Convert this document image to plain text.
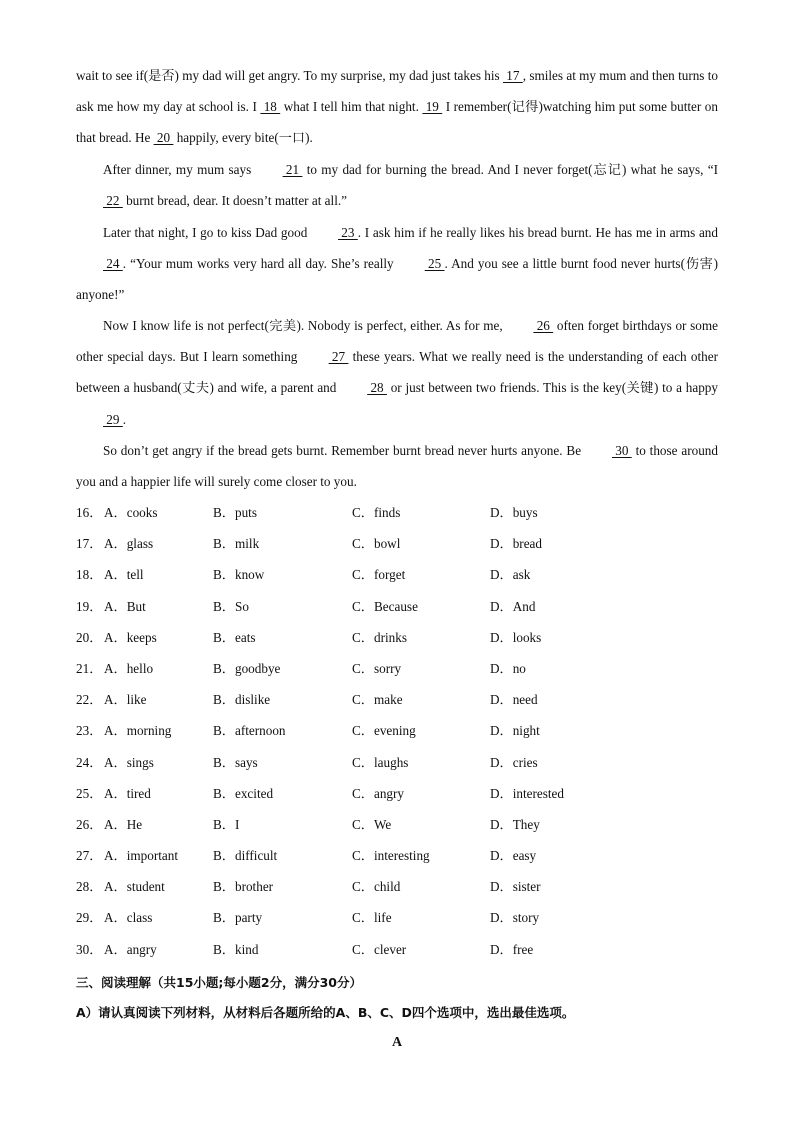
wait to see if(是否) my dad will get angry. To my surprise, my dad just takes his  17 , smiles at my mum and then turns to ask me how my day at school is. I  18  what I tell him that night.  19  I remember(记得)watching him put some butter on that bread. He  20  happily, every bite(一口).

After dinner, my mum says  21  to my dad for burning the bread. And I never forget(忘记) what he says, “I  22  burnt bread, dear. It doesn’t matter at all.”

Later that night, I go to kiss Dad good  23 . I ask him if he really likes his bread burnt. He has me in arms and  24 . “Your mum works very hard all day. She’s really  25 . And you see a little burnt food never hurts(伤害) anyone!”

Now I know life is not perfect(完美). Nobody is perfect, either. As for me,  26  often forget birthdays or some other special days. But I learn something  27  these years. What we really need is the understanding of each other between a husband(丈夫) and wife, a parent and  28  or just between two friends. This is the key(关键) to a happy  29 .

So don’t get angry if the bread gets burnt. Remember burnt bread never hurts anyone. Be  30  to those around you and a happier life will surely come closer to you.

16． A．cooks	B．puts	C．finds	D．buys
17． A．glass	B．milk	C．bowl	D．bread
18． A．tell	B．know	C．forget	D．ask
19． A．But	B．So	C．Because	D．And
20． A．keeps	B．eats	C．drinks	D．looks
21． A．hello	B．goodbye	C．sorry	D．no
22． A．like	B．dislike	C．make	D．need
23． A．morning	B．afternoon	C．evening	D．night
24． A．sings	B．says	C．laughs	D．cries
25． A．tired	B．excited	C．angry	D．interested
26． A．He	B．I	C．We	D．They
27． A．important	B．difficult	C．interesting	D．easy
28． A．student	B．brother	C．child	D．sister
29． A．class	B．party	C．life	D．story
30． A．angry	B．kind	C．clever	D．free
三、阅读理解（共15小题;每小题2分，满分30分）
A）请认真阅读下列材料，从材料后各题所给的A、B、C、D四个选项中，选出最佳选项。
A
